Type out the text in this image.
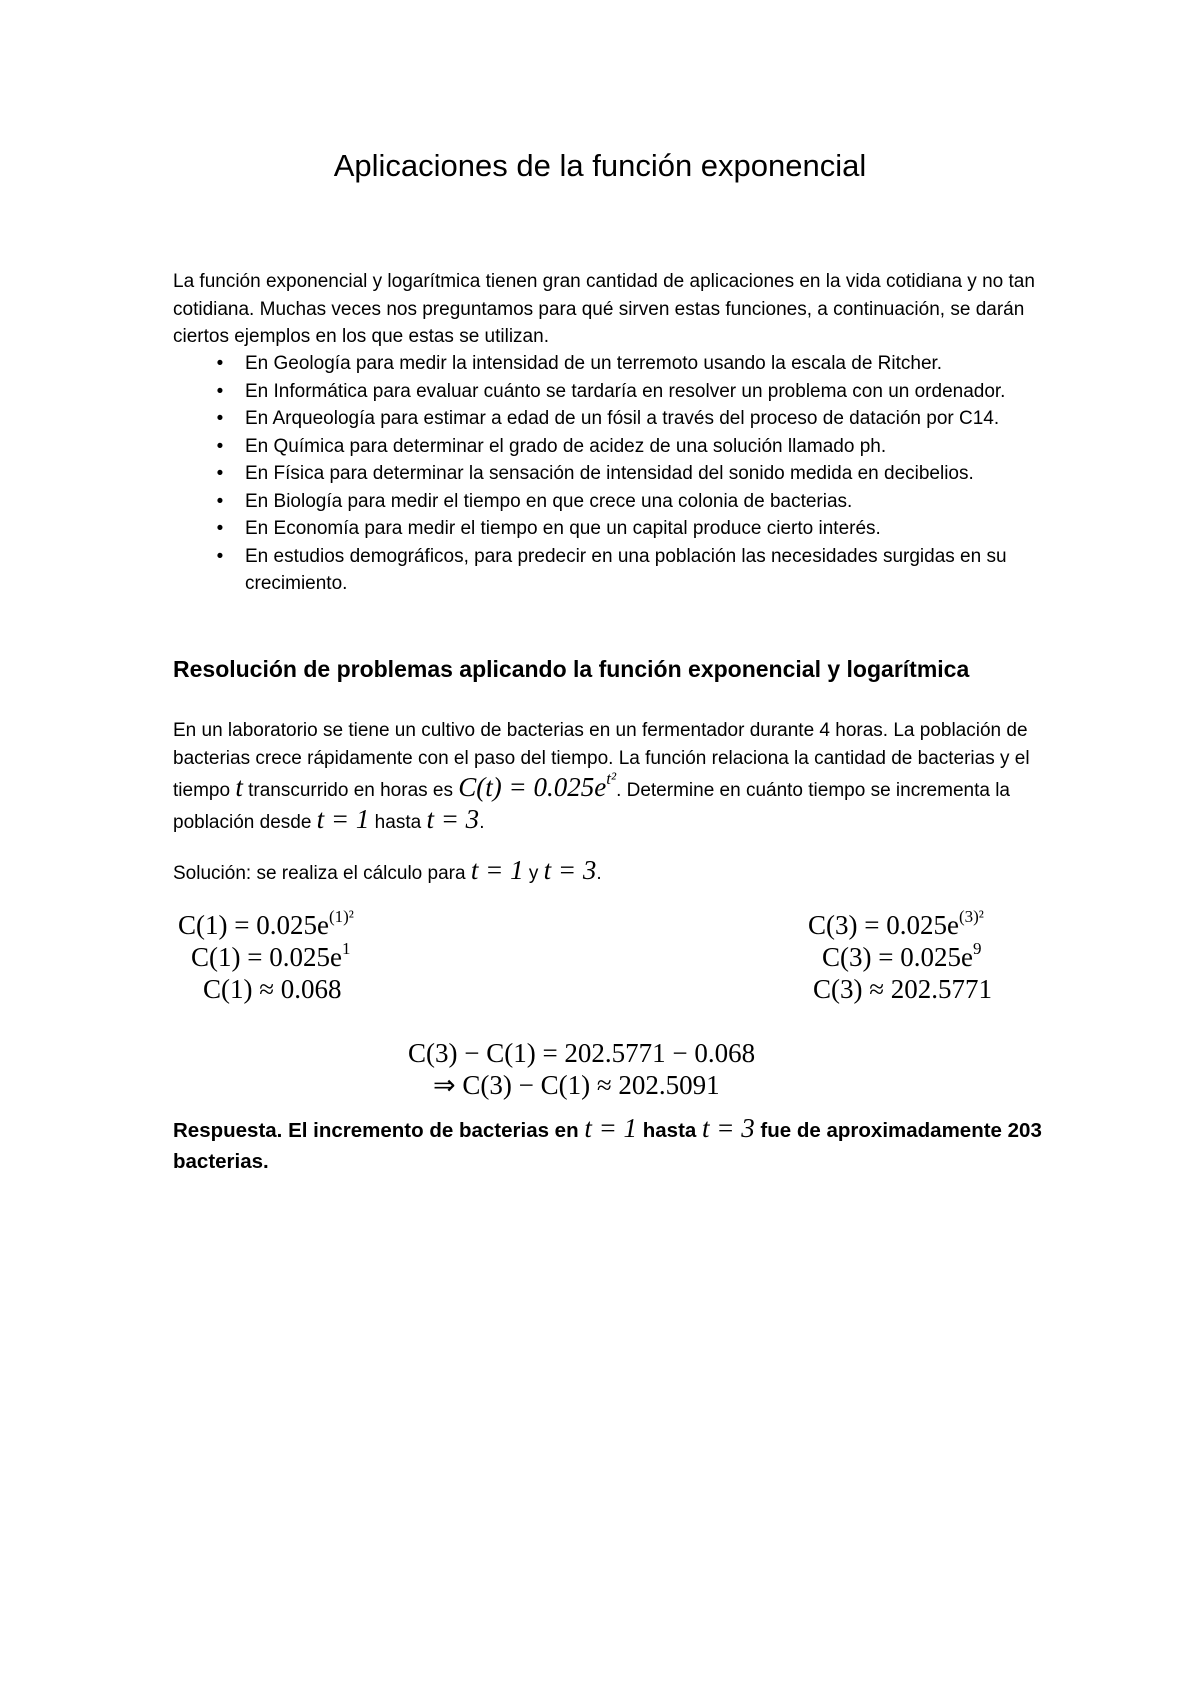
Aplicaciones de la función exponencial

La función exponencial y logarítmica tienen gran cantidad de aplicaciones en la vida cotidiana y no tan cotidiana. Muchas veces nos preguntamos para qué sirven estas funciones, a continuación, se darán ciertos ejemplos en los que estas se utilizan.

• En Geología para medir la intensidad de un terremoto usando la escala de Ritcher.
• En Informática para evaluar cuánto se tardaría en resolver un problema con un ordenador.
• En Arqueología para estimar a edad de un fósil a través del proceso de datación por C14.
• En Química para determinar el grado de acidez de una solución llamado ph.
• En Física para determinar la sensación de intensidad del sonido medida en decibelios.
• En Biología para medir el tiempo en que crece una colonia de bacterias.
• En Economía para medir el tiempo en que un capital produce cierto interés.
• En estudios demográficos, para predecir en una población las necesidades surgidas en su crecimiento.
Resolución de problemas aplicando la función exponencial y logarítmica

En un laboratorio se tiene un cultivo de bacterias en un fermentador durante 4 horas. La población de bacterias crece rápidamente con el paso del tiempo. La función relaciona la cantidad de bacterias y el tiempo t transcurrido en horas es $C(t) = 0.025e^{t^2}$. Determine en cuánto tiempo se incrementa la población desde t = 1 hasta t = 3.

Solución: se realiza el cálculo para t = 1 y t = 3.

$C(1) = 0.025e^{(1)^2}$
$C(1) = 0.025e^1$
C(1) ≈ 0.068
$C(3) = 0.025e^{(3)^2}$
$C(3) = 0.025e^9$
C(3) ≈ 202.5771
C(3) − C(1) = 202.5771 − 0.068
⇒ C(3) − C(1) ≈ 202.5091
Respuesta. El incremento de bacterias en t = 1 hasta t = 3 fue de aproximadamente 203 bacterias.
